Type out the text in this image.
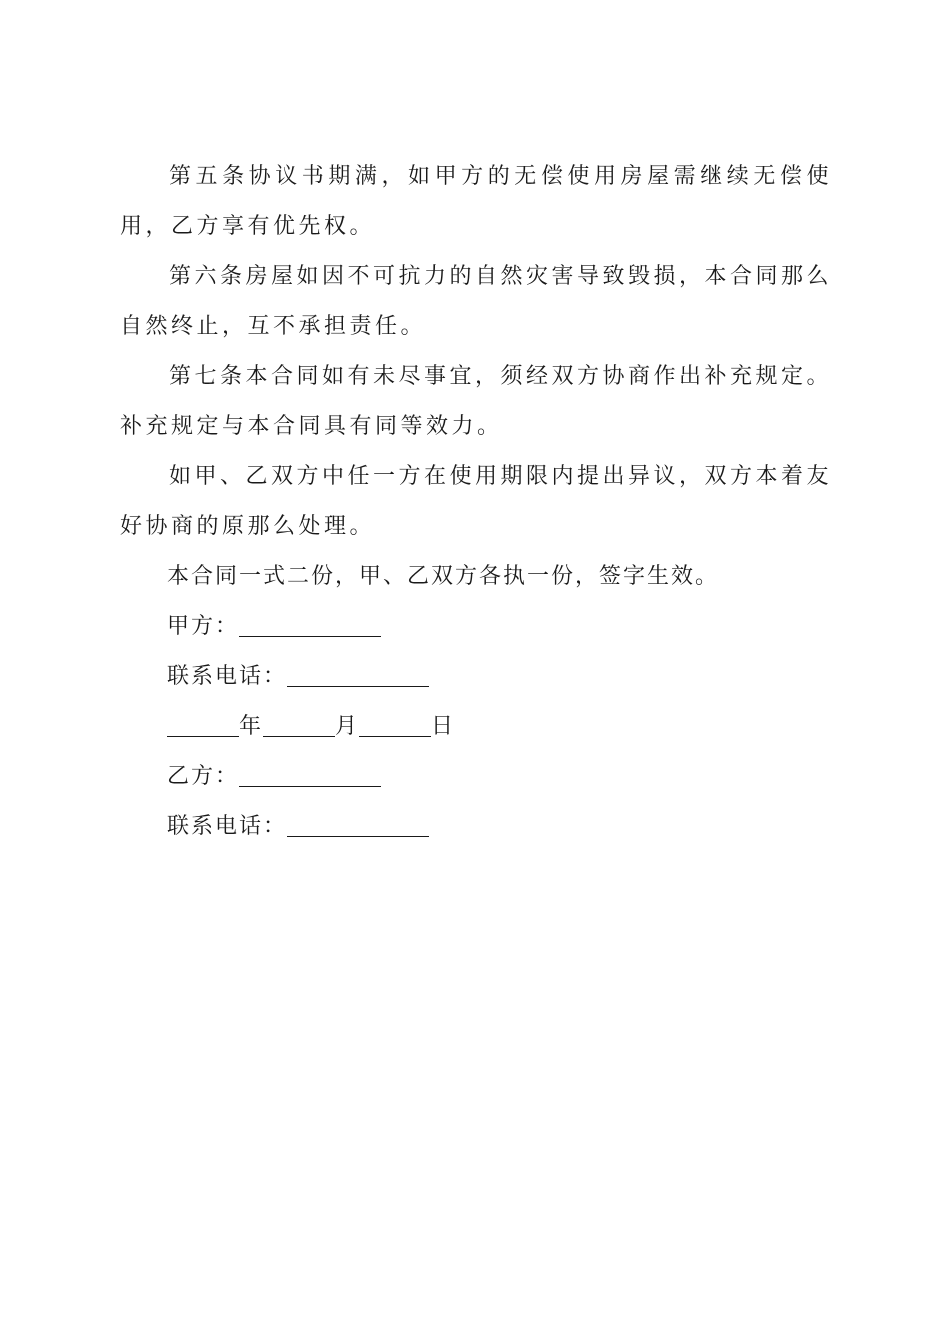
第五条协议书期满，如甲方的无偿使用房屋需继续无偿使用，乙方享有优先权。

第六条房屋如因不可抗力的自然灾害导致毁损，本合同那么自然终止，互不承担责任。

第七条本合同如有未尽事宜，须经双方协商作出补充规定。补充规定与本合同具有同等效力。

如甲、乙双方中任一方在使用期限内提出异议，双方本着友好协商的原那么处理。

本合同一式二份，甲、乙双方各执一份，签字生效。

甲方：

联系电话：

年	月	日

乙方：

联系电话：
